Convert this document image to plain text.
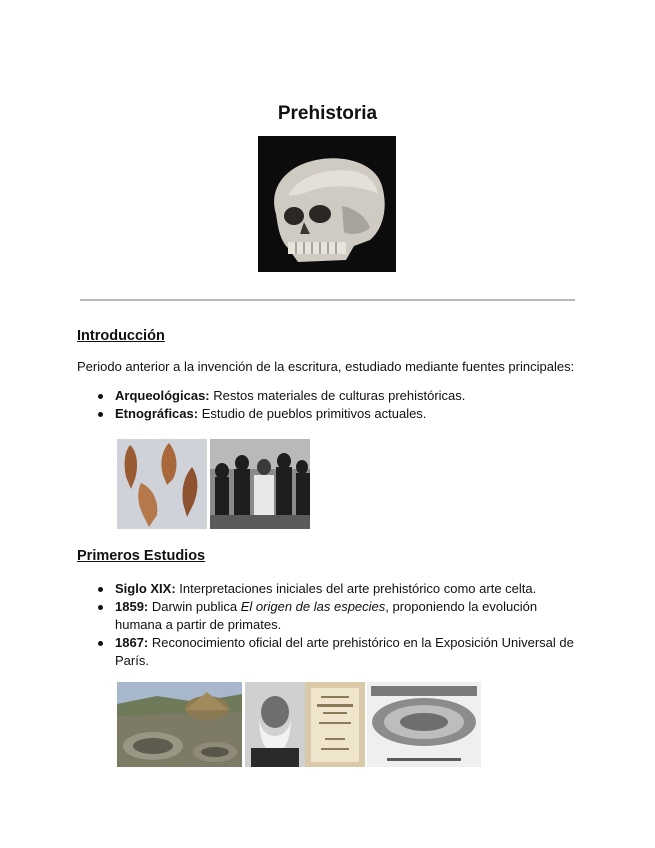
Prehistoria
Introducción

Periodo anterior a la invención de la escritura, estudiado mediante fuentes principales:

Arqueológicas: Restos materiales de culturas prehistóricas.
Etnográficas: Estudio de pueblos primitivos actuales.
Primeros Estudios
Siglo XIX: Interpretaciones iniciales del arte prehistórico como arte celta.
1859: Darwin publica El origen de las especies, proponiendo la evolución humana a partir de primates.
1867: Reconocimiento oficial del arte prehistórico en la Exposición Universal de París.
